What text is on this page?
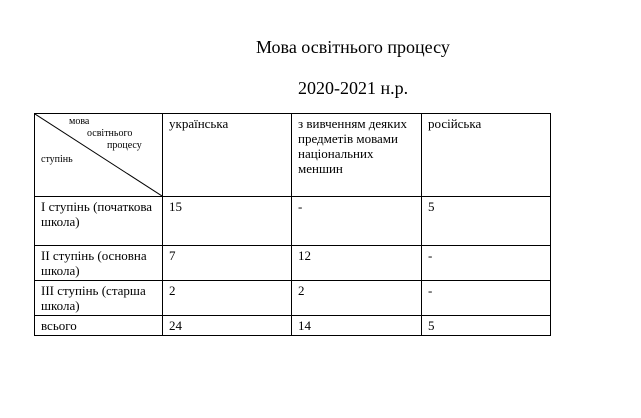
Мова освітнього процесу
2020-2021 н.р.
мова
освітнього
процесу
ступінь	українська	з вивченням деяких предметів мовами національних меншин	російська

І ступінь (початкова школа)	15	-	5

ІІ ступінь (основна школа)	7	12	-

ІІІ ступінь (старша школа)	2	2	-

всього	24	14	5
